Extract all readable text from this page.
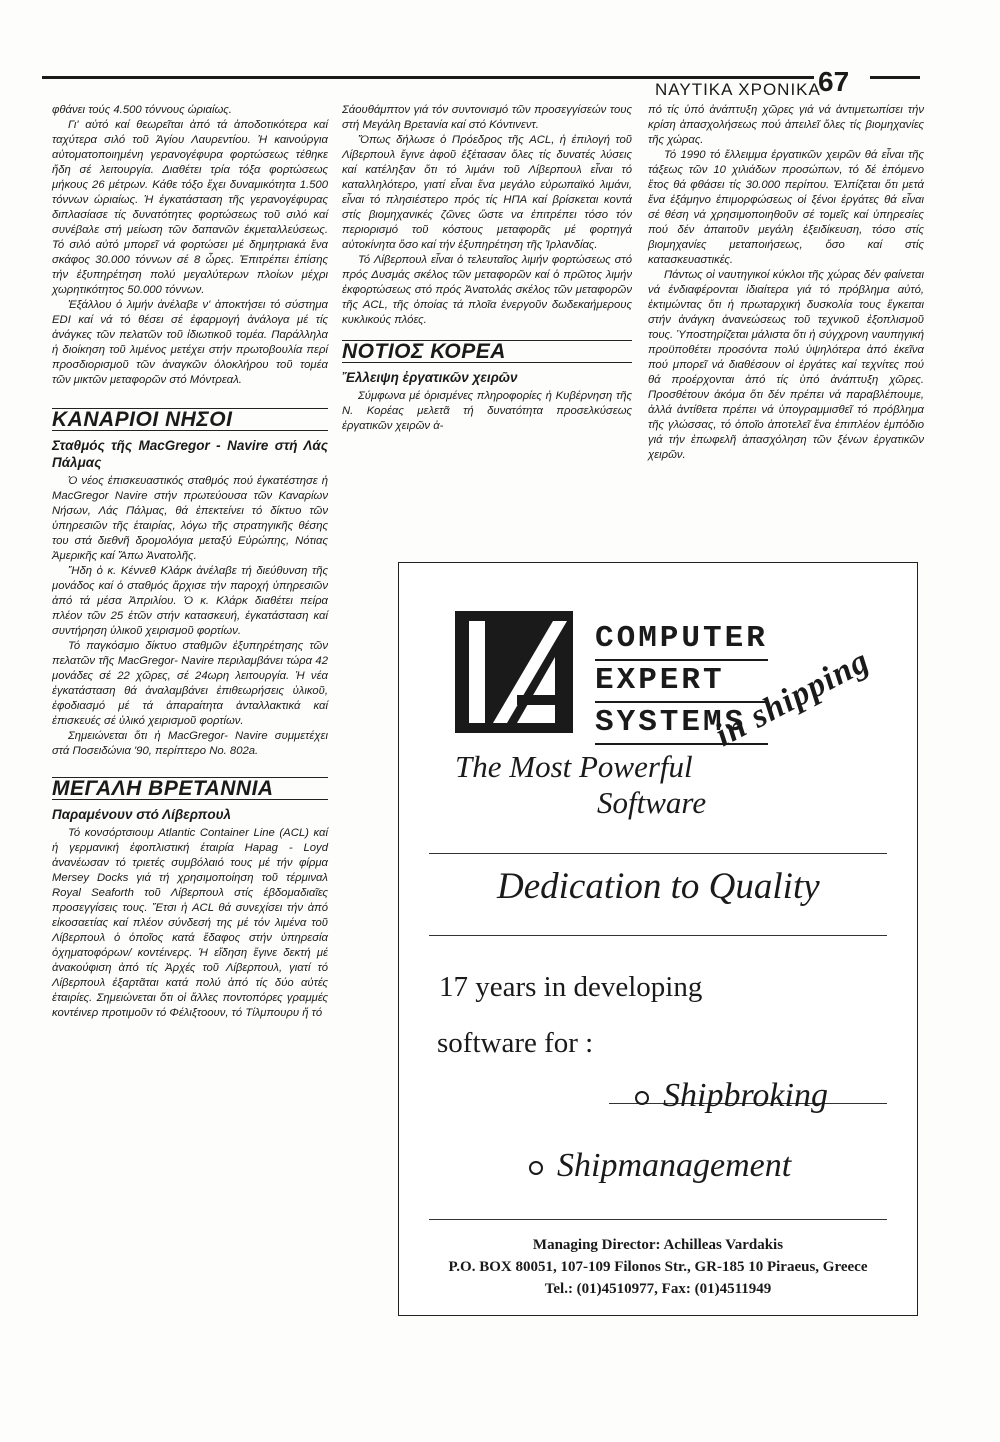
ΝΑΥΤΙΚΑ ΧΡΟΝΙΚΑ
67

φθάνει τούς 4.500 τόννους ὡριαίως.

Γι' αὐτό καί θεωρεῖται ἀπό τά ἀποδοτικότερα καί ταχύτερα σιλό τοῦ Ἁγίου Λαυρεντίου. Ἡ καινούργια αὐτοματοποιημένη γερανογέφυρα φορτώσεως τέθηκε ἤδη σέ λειτουργία. Διαθέτει τρία τόξα φορτώσεως μήκους 26 μέτρων. Κάθε τόξο ἔχει δυναμικότητα 1.500 τόννων ὡριαίως. Ἡ ἐγκατάσταση τῆς γερανογέφυρας διπλασίασε τίς δυνατότητες φορτώσεως τοῦ σιλό καί συνέβαλε στή μείωση τῶν δαπανῶν ἐκμεταλλεύσεως. Τό σιλό αὐτό μπορεῖ νά φορτώσει μέ δημητριακά ἕνα σκάφος 30.000 τόννων σέ 8 ὧρες. Ἐπιτρέπει ἐπίσης τήν ἐξυπηρέτηση πολύ μεγαλύτερων πλοίων μέχρι χωρητικότητος 50.000 τόννων.

Ἐξάλλου ὁ λιμήν ἀνέλαβε ν' ἀποκτήσει τό σύστημα EDI καί νά τό θέσει σέ ἐφαρμογή ἀνάλογα μέ τίς ἀνάγκες τῶν πελατῶν τοῦ ἰδιωτικοῦ τομέα. Παράλληλα ἡ διοίκηση τοῦ λιμένος μετέχει στήν πρωτοβουλία περί προσδιορισμοῦ τῶν ἀναγκῶν ὁλοκλήρου τοῦ τομέα τῶν μικτῶν μεταφορῶν στό Μόντρεαλ.

ΚΑΝΑΡΙΟΙ ΝΗΣΟΙ
Σταθμός τῆς MacGregor - Navire στή Λάς Πάλμας

Ὁ νέος ἐπισκευαστικός σταθμός πού ἐγκατέστησε ἡ MacGregor Navire στήν πρωτεύουσα τῶν Καναρίων Νήσων, Λάς Πάλμας, θά ἐπεκτείνει τό δίκτυο τῶν ὑπηρεσιῶν τῆς ἑταιρίας, λόγω τῆς στρατηγικῆς θέσης του στά διεθνῆ δρομολόγια μεταξύ Εὐρώπης, Νότιας Ἀμερικῆς καί Ἄπω Ἀνατολῆς.

Ἤδη ὁ κ. Κέννεθ Κλάρκ ἀνέλαβε τή διεύθυνση τῆς μονάδος καί ὁ σταθμός ἄρχισε τήν παροχή ὑπηρεσιῶν ἀπό τά μέσα Ἀπριλίου. Ὁ κ. Κλάρκ διαθέτει πείρα πλέον τῶν 25 ἐτῶν στήν κατασκευή, ἐγκατάσταση καί συντήρηση ὑλικοῦ χειρισμοῦ φορτίων.

Τό παγκόσμιο δίκτυο σταθμῶν ἐξυπηρέτησης τῶν πελατῶν τῆς MacGregor- Navire περιλαμβάνει τώρα 42 μονάδες σέ 22 χῶρες, σέ 24ωρη λειτουργία. Ἡ νέα ἐγκατάσταση θά ἀναλαμβάνει ἐπιθεωρήσεις ὑλικοῦ, ἐφοδιασμό μέ τά ἀπαραίτητα ἀνταλλακτικά καί ἐπισκευές σέ ὑλικό χειρισμοῦ φορτίων.

Σημειώνεται ὅτι ἡ MacGregor- Navire συμμετέχει στά Ποσειδώνια '90, περίπτερο No. 802a.

ΜΕΓΑΛΗ ΒΡΕΤΑΝΝΙΑ
Παραμένουν στό Λίβερπουλ

Τό κονσόρτσιουμ Atlantic Container Line (ACL) καί ἡ γερμανική ἐφοπλιστική ἑταιρία Hapag - Loyd ἀνανέωσαν τό τριετές συμβόλαιό τους μέ τήν φίρμα Mersey Docks γιά τή χρησιμοποίηση τοῦ τέρμιναλ Royal Seaforth τοῦ Λίβερπουλ στίς ἑβδομαδιαῖες προσεγγίσεις τους. Ἔτσι ἡ ACL θά συνεχίσει τήν ἀπό εἰκοσαετίας καί πλέον σύνδεσή της μέ τόν λιμένα τοῦ Λίβερπουλ ὁ ὁποῖος κατά ἔδαφος στήν ὑπηρεσία ὀχηματοφόρων/ κοντέινερς. Ἡ εἴδηση ἔγινε δεκτή μέ ἀνακούφιση ἀπό τίς Ἀρχές τοῦ Λίβερπουλ, γιατί τό Λίβερπουλ ἐξαρτᾶται κατά πολύ ἀπό τίς δύο αὐτές ἑταιρίες. Σημειώνεται ὅτι οἱ ἄλλες ποντοπόρες γραμμές κοντέινερ προτιμοῦν τό Φέλιξτοουν, τό Τίλμπουρυ ἤ τό

Σάουθάμπτον γιά τόν συντονισμό τῶν προσεγγίσεών τους στή Μεγάλη Βρετανία καί στό Κόντινεντ.

Ὅπως δήλωσε ὁ Πρόεδρος τῆς ACL, ἡ ἐπιλογή τοῦ Λίβερπουλ ἔγινε ἀφοῦ ἐξέτασαν ὅλες τίς δυνατές λύσεις καί κατέληξαν ὅτι τό λιμάνι τοῦ Λίβερπουλ εἶναι τό καταλληλότερο, γιατί εἶναι ἕνα μεγάλο εὐρωπαϊκό λιμάνι, εἶναι τό πλησιέστερο πρός τίς ΗΠΑ καί βρίσκεται κοντά στίς βιομηχανικές ζῶνες ὥστε να ἐπιτρέπει τόσο τόν περιορισμό τοῦ κόστους μεταφορᾶς μέ φορτηγά αὐτοκίνητα ὅσο καί τήν ἐξυπηρέτηση τῆς Ἰρλανδίας.

Τό Λίβερπουλ εἶναι ὁ τελευταῖος λιμήν φορτώσεως στό πρός Δυσμάς σκέλος τῶν μεταφορῶν καί ὁ πρῶτος λιμήν ἐκφορτώσεως στό πρός Ἀνατολάς σκέλος τῶν μεταφορῶν τῆς ACL, τῆς ὁποίας τά πλοῖα ἐνεργοῦν δωδεκαήμερους κυκλικούς πλόες.

ΝΟΤΙΟΣ ΚΟΡΕΑ
Ἔλλειψη ἐργατικῶν χειρῶν

Σύμφωνα μέ ὁρισμένες πληροφορίες ἡ Κυβέρνηση τῆς Ν. Κορέας μελετᾶ τή δυνατότητα προσελκύσεως ἐργατικῶν χειρῶν ἀ-

πό τίς ὑπό ἀνάπτυξη χῶρες γιά νά ἀντιμετωπίσει τήν κρίση ἀπασχολήσεως πού ἀπειλεῖ ὅλες τίς βιομηχανίες τῆς χώρας.

Τό 1990 τό ἔλλειμμα ἐργατικῶν χειρῶν θά εἶναι τῆς τάξεως τῶν 10 χιλιάδων προσώπων, τό δέ ἑπόμενο ἔτος θά φθάσει τίς 30.000 περίπου. Ἐλπίζεται ὅτι μετά ἕνα ἐξάμηνο ἐπιμορφώσεως οἱ ξένοι ἐργάτες θά εἶναι σέ θέση νά χρησιμοποιηθοῦν σέ τομεῖς καί ὑπηρεσίες πού δέν ἀπαιτοῦν μεγάλη ἐξειδίκευση, τόσο στίς βιομηχανίες μεταποιήσεως, ὅσο καί στίς κατασκευαστικές.

Πάντως οἱ ναυτηγικοί κύκλοι τῆς χώρας δέν φαίνεται νά ἐνδιαφέρονται ἰδιαίτερα γιά τό πρόβλημα αὐτό, ἐκτιμώντας ὅτι ἡ πρωταρχική δυσκολία τους ἔγκειται στήν ἀνάγκη ἀνανεώσεως τοῦ τεχνικοῦ ἐξοπλισμοῦ τους. Ὑποστηρίζεται μάλιστα ὅτι ἡ σύγχρονη ναυπηγική προϋποθέτει προσόντα πολύ ὑψηλότερα ἀπό ἐκεῖνα πού μπορεῖ νά διαθέσουν οἱ ἐργάτες καί τεχνίτες πού θά προέρχονται ἀπό τίς ὑπό ἀνάπτυξη χῶρες. Προσθέτουν ἀκόμα ὅτι δέν πρέπει νά παραβλέπουμε, ἀλλά ἀντίθετα πρέπει νά ὑπογραμμισθεῖ τό πρόβλημα τῆς γλώσσας, τό ὁποῖο ἀποτελεῖ ἕνα ἐπιπλέον ἐμπόδιο γιά τήν ἐπωφελῆ ἀπασχόληση τῶν ξένων ἐργατικῶν χειρῶν.

COMPUTER
EXPERT
SYSTEMS
in shipping
The Most Powerful
Software
Dedication to Quality
17 years in developing
software for :
Shipbroking
Shipmanagement
Managing Director: Achilleas Vardakis
P.O. BOX 80051, 107-109 Filonos Str., GR-185 10 Piraeus, Greece
Tel.: (01)4510977, Fax: (01)4511949
